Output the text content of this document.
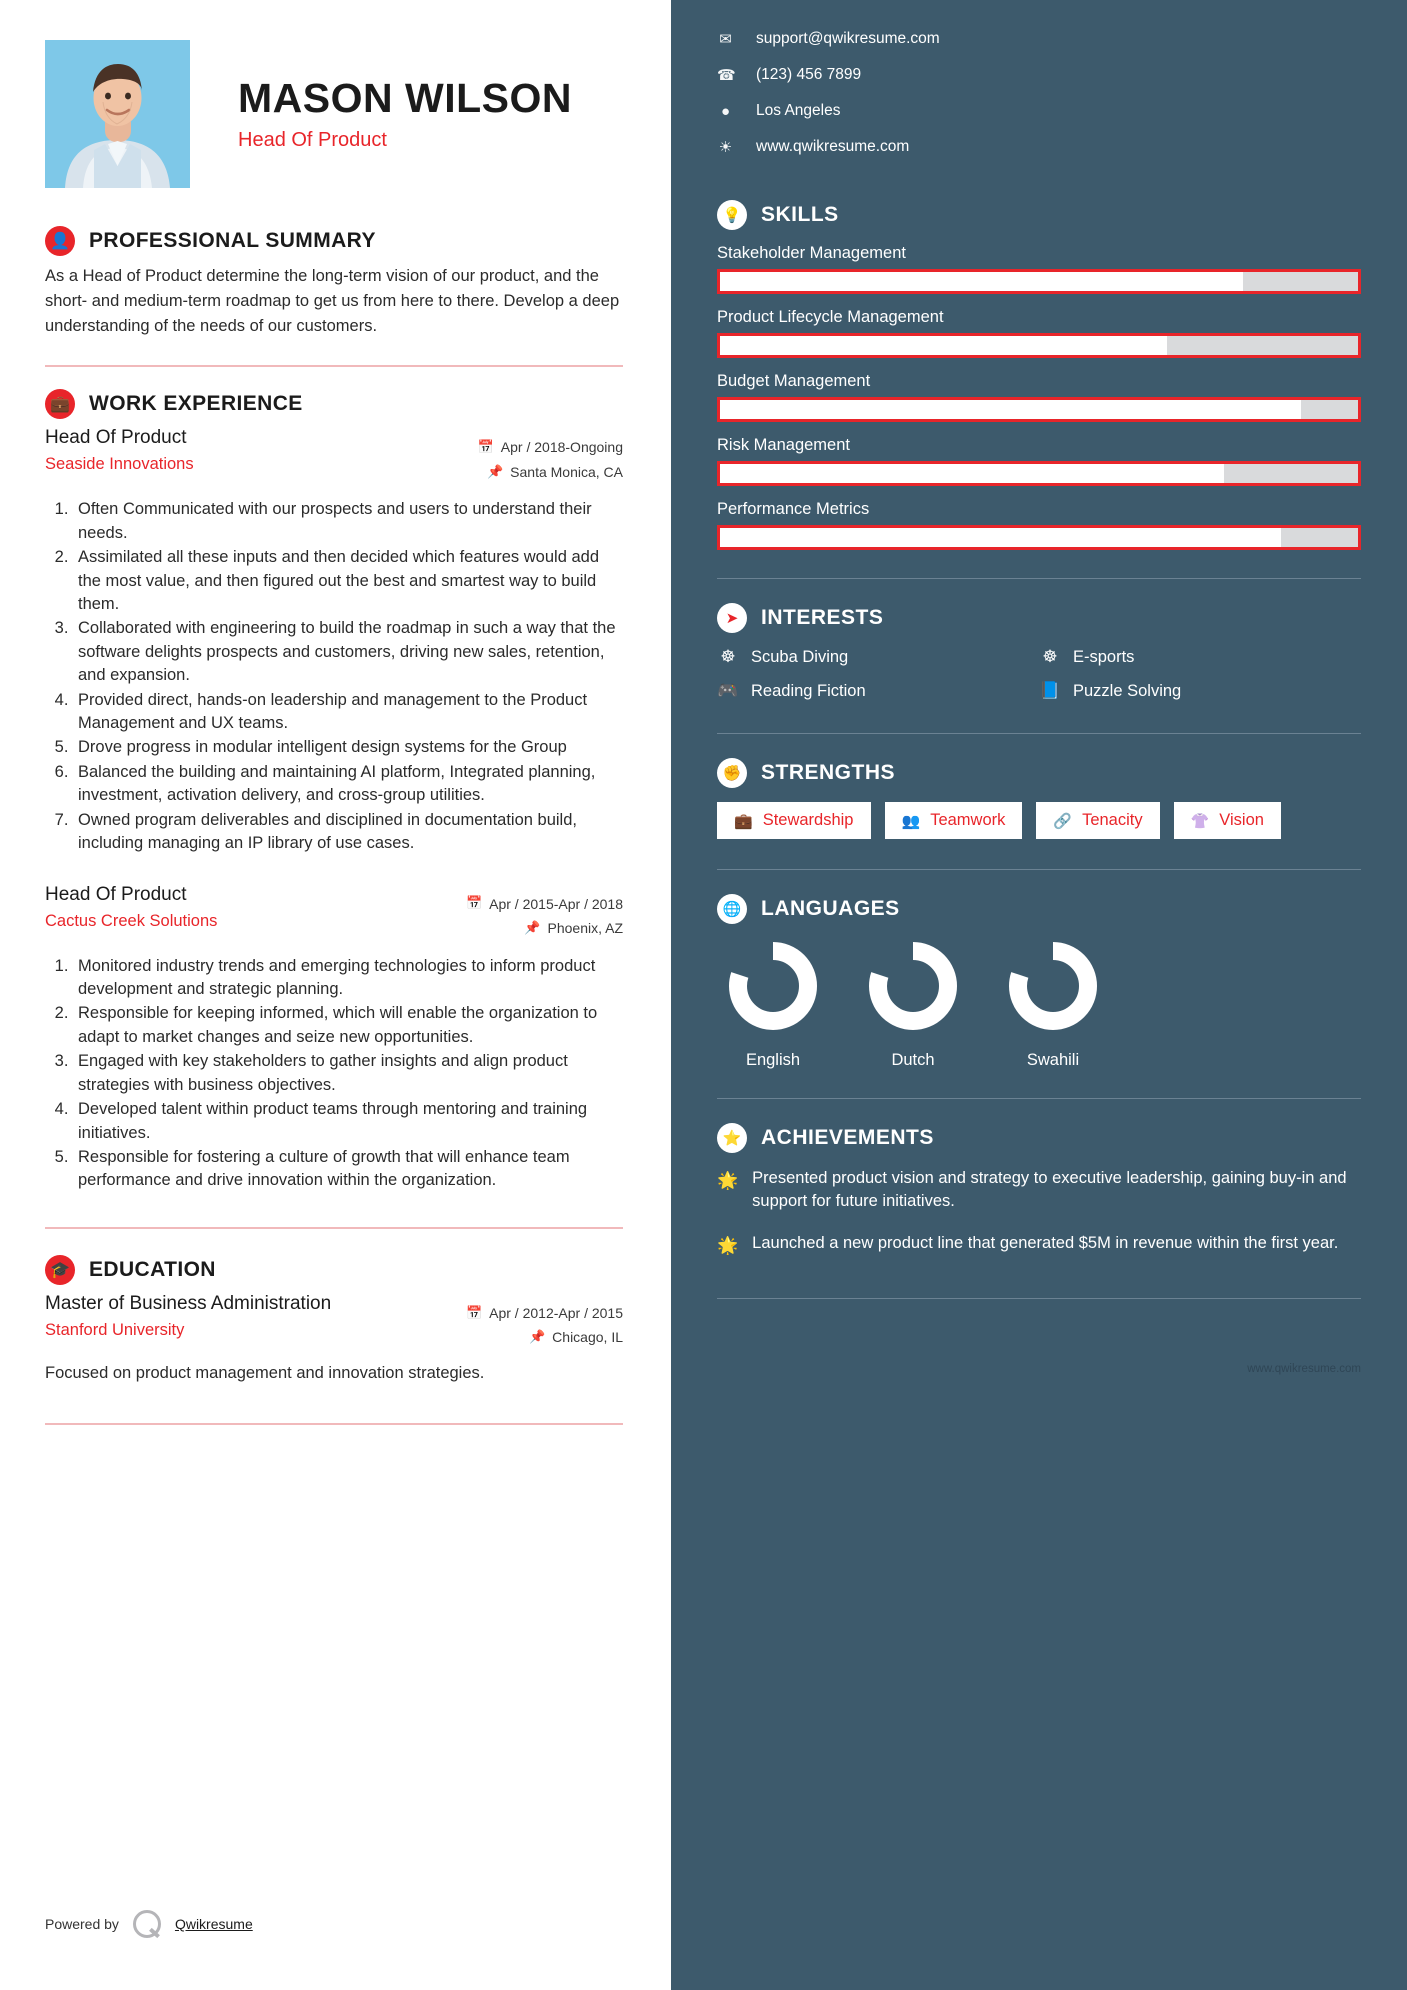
MASON WILSON
Head Of Product
👤 PROFESSIONAL SUMMARY
As a Head of Product determine the long-term vision of our product, and the short- and medium-term roadmap to get us from here to there. Develop a deep understanding of the needs of our customers.
💼 WORK EXPERIENCE
Head Of Product
Seaside Innovations
📅 Apr / 2018-Ongoing
📌 Santa Monica, CA
1. Often Communicated with our prospects and users to understand their needs.
2. Assimilated all these inputs and then decided which features would add the most value, and then figured out the best and smartest way to build them.
3. Collaborated with engineering to build the roadmap in such a way that the software delights prospects and customers, driving new sales, retention, and expansion.
4. Provided direct, hands-on leadership and management to the Product Management and UX teams.
5. Drove progress in modular intelligent design systems for the Group
6. Balanced the building and maintaining AI platform, Integrated planning, investment, activation delivery, and cross-group utilities.
7. Owned program deliverables and disciplined in documentation build, including managing an IP library of use cases.
Head Of Product
Cactus Creek Solutions
📅 Apr / 2015-Apr / 2018
📌 Phoenix, AZ
1. Monitored industry trends and emerging technologies to inform product development and strategic planning.
2. Responsible for keeping informed, which will enable the organization to adapt to market changes and seize new opportunities.
3. Engaged with key stakeholders to gather insights and align product strategies with business objectives.
4. Developed talent within product teams through mentoring and training initiatives.
5. Responsible for fostering a culture of growth that will enhance team performance and drive innovation within the organization.
🎓 EDUCATION
Master of Business Administration
Stanford University
📅 Apr / 2012-Apr / 2015
📌 Chicago, IL
Focused on product management and innovation strategies.
Powered by	Qwikresume
✉ support@qwikresume.com
☎ (123) 456 7899
● Los Angeles
☀ www.qwikresume.com
💡 SKILLS
Stakeholder Management
Product Lifecycle Management
Budget Management
Risk Management
Performance Metrics
➤	INTERESTS
☸ Scuba Diving	☸ E-sports
🎮 Reading Fiction	📘 Puzzle Solving
✊ STRENGTHS
💼 Stewardship	👥 Teamwork	🔗 Tenacity	👚 Vision
🌐 LANGUAGES
English	Dutch	Swahili
⭐ ACHIEVEMENTS
🌟 Presented product vision and strategy to executive leadership, gaining buy-in and support for future initiatives.
🌟 Launched a new product line that generated $5M in revenue within the first year.
www.qwikresume.com
